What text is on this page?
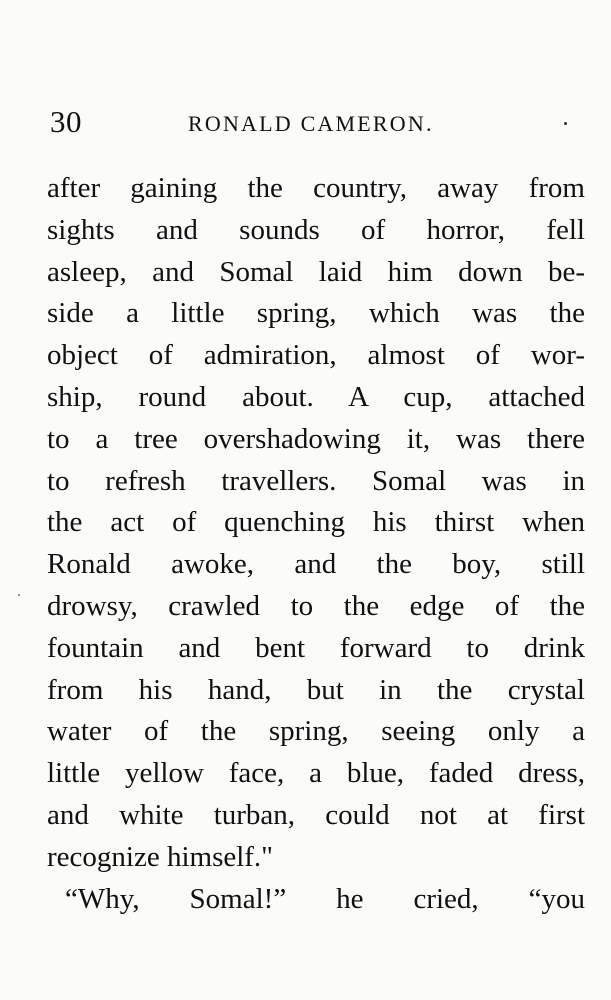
30	RONALD CAMERON.
after gaining the country, away from
sights and sounds of horror, fell
asleep, and Somal laid him down be-
side a little spring, which was the
object of admiration, almost of wor-
ship, round about. A cup, attached
to a tree overshadowing it, was there
to refresh travellers. Somal was in
the act of quenching his thirst when
Ronald awoke, and the boy, still
drowsy, crawled to the edge of the
fountain and bent forward to drink
from his hand, but in the crystal
water of the spring, seeing only a
little yellow face, a blue, faded dress,
and white turban, could not at first
recognize himself."
“Why, Somal!” he cried, “you
